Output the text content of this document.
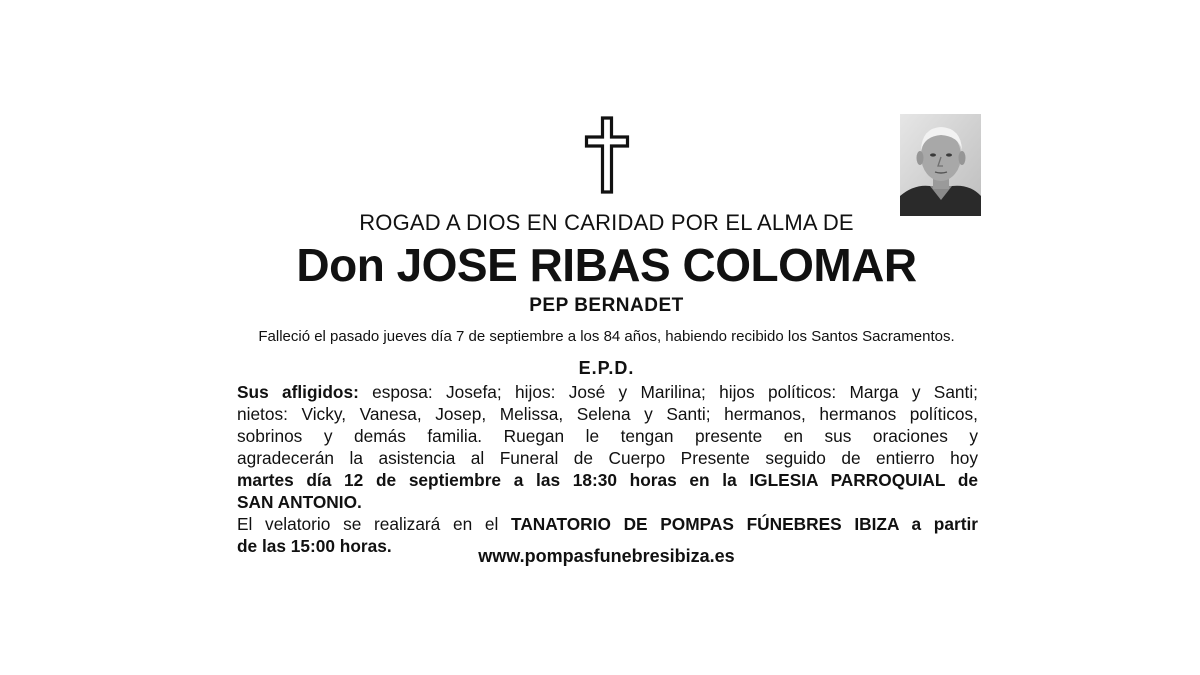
ROGAD A DIOS EN CARIDAD POR EL ALMA DE
Don JOSE RIBAS COLOMAR
PEP BERNADET
Falleció el pasado jueves día 7 de septiembre a los 84 años, habiendo recibido los Santos Sacramentos.
E.P.D.
Sus afligidos: esposa: Josefa; hijos: José y Marilina; hijos políticos: Marga y Santi;
nietos: Vicky, Vanesa, Josep, Melissa, Selena y Santi; hermanos, hermanos políticos,
sobrinos y demás familia. Ruegan le tengan presente en sus oraciones y
agradecerán la asistencia al Funeral de Cuerpo Presente seguido de entierro hoy
martes día 12 de septiembre a las 18:30 horas en la IGLESIA PARROQUIAL de
SAN ANTONIO.
El velatorio se realizará en el TANATORIO DE POMPAS FÚNEBRES IBIZA a partir
de las 15:00 horas.	www.pompasfunebresibiza.es
